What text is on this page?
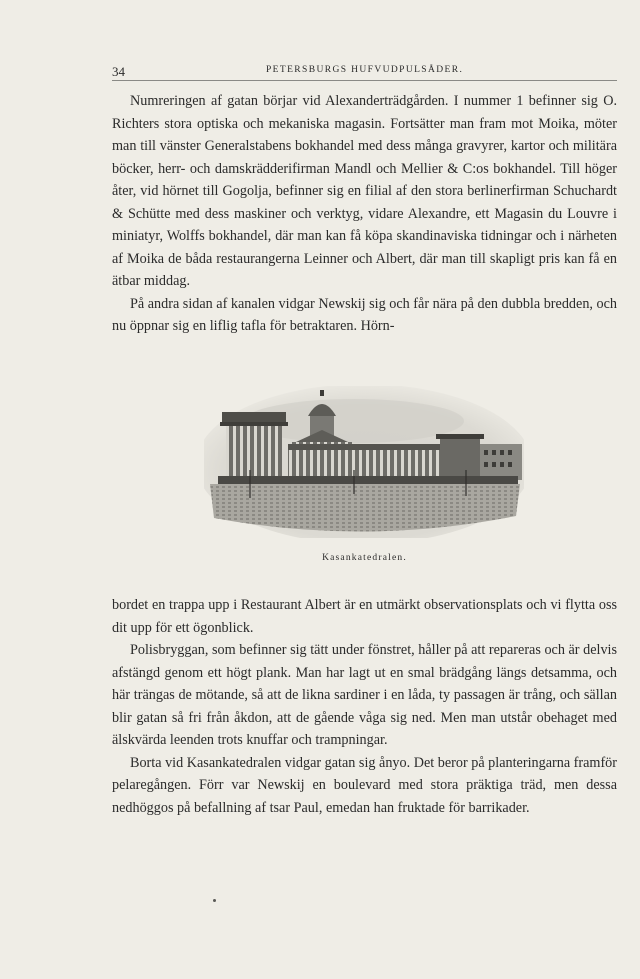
34	PETERSBURGS HUFVUDPULSÅDER.

Numreringen af gatan börjar vid Alexanderträdgården. I nummer 1 befinner sig O. Richters stora optiska och mekaniska magasin. Fortsätter man fram mot Moika, möter man till vänster Generalstabens bokhandel med dess många gravyrer, kartor och militära böcker, herr- och damskrädderifirman Mandl och Mellier & C:os bokhandel. Till höger åter, vid hörnet till Gogolja, befinner sig en filial af den stora berlinerfirman Schuchardt & Schütte med dess maskiner och verktyg, vidare Alexandre, ett Magasin du Louvre i miniatyr, Wolffs bokhandel, där man kan få köpa skandinaviska tidningar och i närheten af Moika de båda restaurangerna Leinner och Albert, där man till skapligt pris kan få en ätbar middag.

På andra sidan af kanalen vidgar Newskij sig och får nära på den dubbla bredden, och nu öppnar sig en liflig tafla för betraktaren. Hörn-

Kasankatedralen.

bordet en trappa upp i Restaurant Albert är en utmärkt observationsplats och vi flytta oss dit upp för ett ögonblick.

Polisbryggan, som befinner sig tätt under fönstret, håller på att repareras och är delvis afstängd genom ett högt plank. Man har lagt ut en smal brädgång längs detsamma, och här trängas de mötande, så att de likna sardiner i en låda, ty passagen är trång, och sällan blir gatan så fri från åkdon, att de gående våga sig ned. Men man utstår obehaget med älskvärda leenden trots knuffar och trampningar.

Borta vid Kasankatedralen vidgar gatan sig ånyo. Det beror på planteringarna framför pelaregången. Förr var Newskij en boulevard med stora präktiga träd, men dessa nedhöggos på befallning af tsar Paul, emedan han fruktade för barrikader.
